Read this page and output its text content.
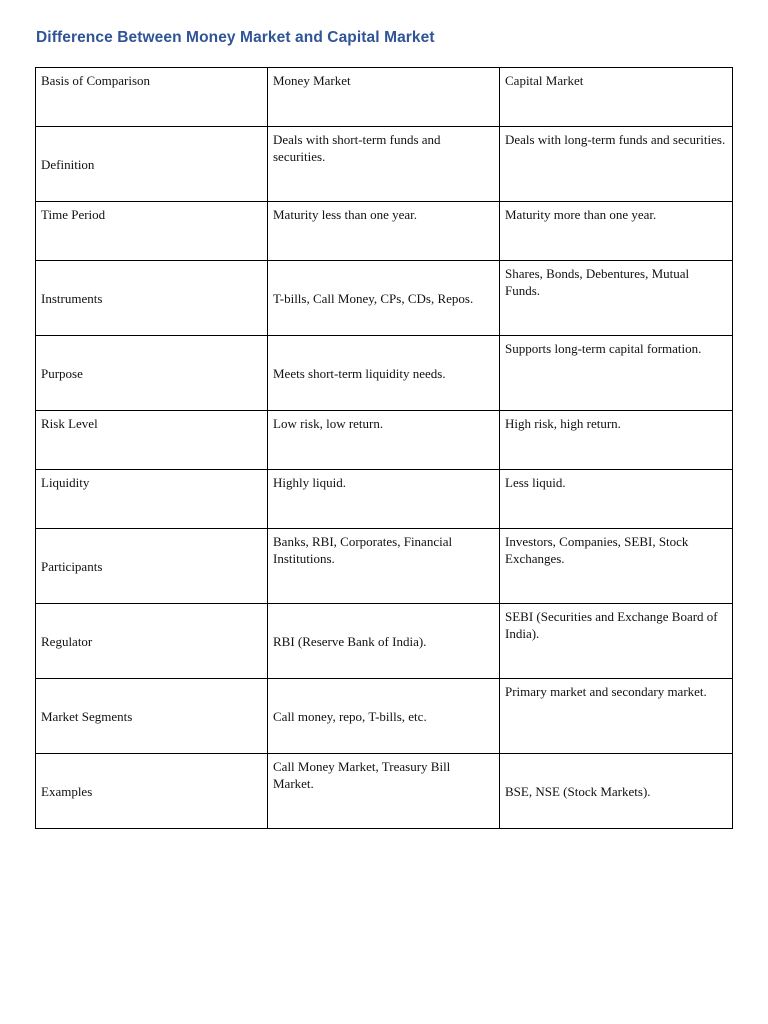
Difference Between Money Market and Capital Market
Basis of Comparison	Money Market	Capital Market

Definition	Deals with short-term funds and securities.	Deals with long-term funds and securities.

Time Period	Maturity less than one year.	Maturity more than one year.

Instruments	T-bills, Call Money, CPs, CDs, Repos.	Shares, Bonds, Debentures, Mutual Funds.

Purpose	Meets short-term liquidity needs.	Supports long-term capital formation.

Risk Level	Low risk, low return.	High risk, high return.

Liquidity	Highly liquid.	Less liquid.

Participants	Banks, RBI, Corporates, Financial Institutions.	Investors, Companies, SEBI, Stock Exchanges.

Regulator	RBI (Reserve Bank of India).	SEBI (Securities and Exchange Board of India).

Market Segments	Call money, repo, T-bills, etc.	Primary market and secondary market.

Examples	Call Money Market, Treasury Bill Market.	BSE, NSE (Stock Markets).
